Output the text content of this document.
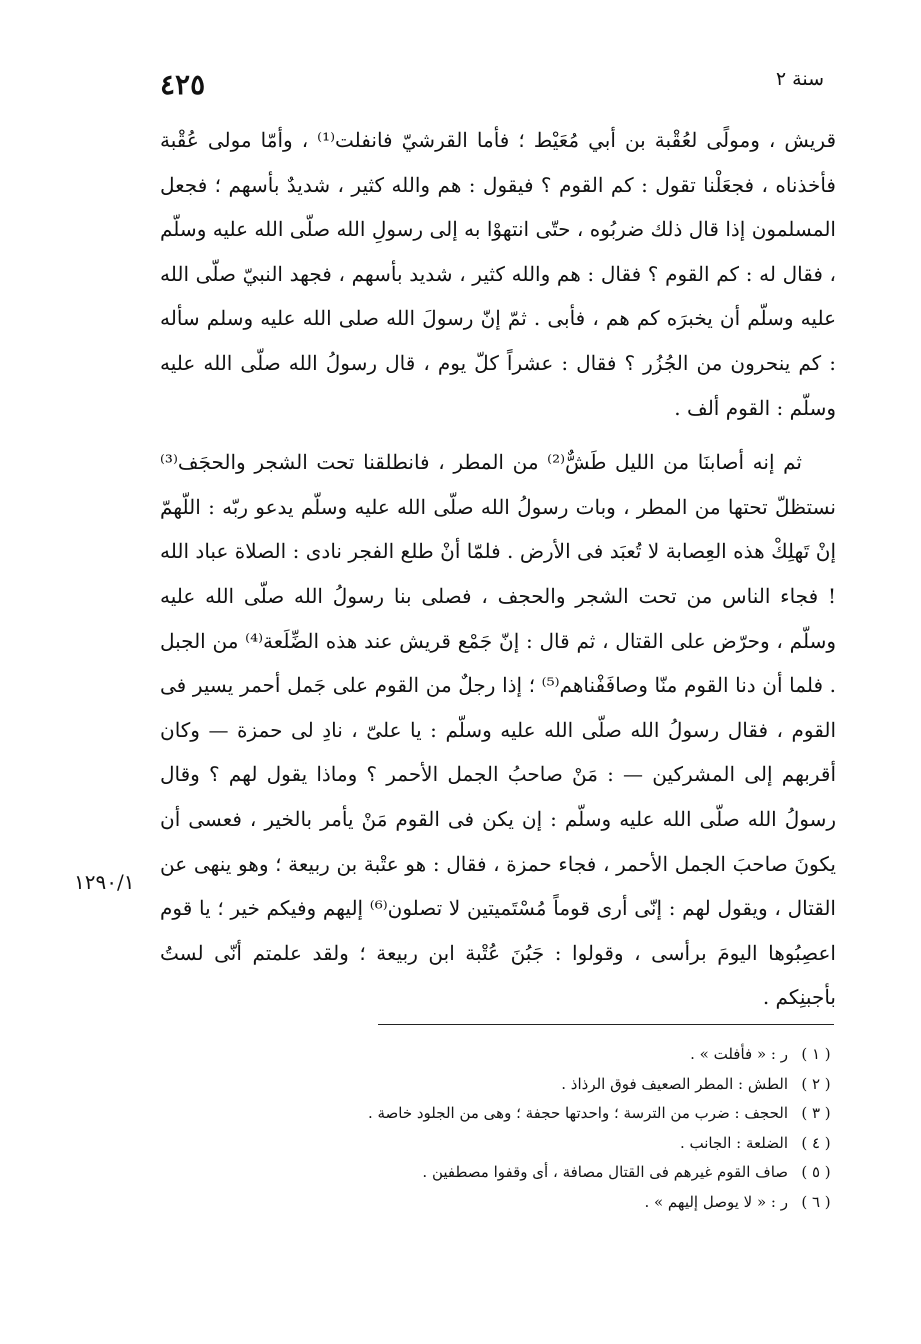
سنة ٢
٤٢٥

قريش ، ومولًى لعُقْبة بن أبي مُعَيْط ؛ فأما القرشيّ فانفلت⁽¹⁾ ، وأمّا مولى عُقْبة فأخذناه ، فجعَلْنا تقول : كم القوم ؟ فيقول : هم والله كثير ، شديدٌ بأسهم ؛ فجعل المسلمون إذا قال ذلك ضربُوه ، حتّى انتهوْا به إلى رسولِ الله صلّى الله عليه وسلّم ، فقال له : كم القوم ؟ فقال : هم والله كثير ، شديد بأسهم ، فجهد النبيّ صلّى الله عليه وسلّم أن يخبرَه كم هم ، فأبى . ثمّ إنّ رسولَ الله صلى الله عليه وسلم سأله : كم ينحرون من الجُزُر ؟ فقال : عشراً كلّ يوم ، قال رسولُ الله صلّى الله عليه وسلّم : القوم ألف .

ثم إنه أصابنَا من الليل طَشٌّ⁽²⁾ من المطر ، فانطلقنا تحت الشجر والحجَف⁽³⁾ نستظلّ تحتها من المطر ، وبات رسولُ الله صلّى الله عليه وسلّم يدعو ربّه : اللّهمّ إنْ تَهلِكْ هذه العِصابة لا تُعبَد فى الأرض . فلمّا أنْ طلع الفجر نادى : الصلاة عباد الله ! فجاء الناس من تحت الشجر والحجف ، فصلى بنا رسولُ الله صلّى الله عليه وسلّم ، وحرّض على القتال ، ثم قال : إنّ جَمْع قريش عند هذه الضِّلَعة⁽⁴⁾ من الجبل . فلما أن دنا القوم منّا وصافَفْناهم⁽⁵⁾ ؛ إذا رجلٌ من القوم على جَمل أحمر يسير فى القوم ، فقال رسولُ الله صلّى الله عليه وسلّم : يا علىّ ، نادِ لى حمزة — وكان أقربهم إلى المشركين — : مَنْ صاحبُ الجمل الأحمر ؟ وماذا يقول لهم ؟ وقال رسولُ الله صلّى الله عليه وسلّم : إن يكن فى القوم مَنْ يأمر بالخير ، فعسى أن يكونَ صاحبَ الجمل الأحمر ، فجاء حمزة ، فقال : هو عتْبة بن ربيعة ؛ وهو ينهى عن القتال ، ويقول لهم : إنّى أرى قوماً مُسْتَميتين لا تصلون⁽⁶⁾ إليهم وفيكم خير ؛ يا قوم اعصِبُوها اليومَ برأسى ، وقولوا : جَبُنَ عُتْبة ابن ربيعة ؛ ولقد علمتم أنّى لستُ بأجبنِكم .

١٢٩٠/١
( ١ )ر : « فأفلت » .
( ٢ )الطش : المطر الصعيف فوق الرذاذ .
( ٣ )الحجف : ضرب من الترسة ؛ واحدتها حجفة ؛ وهى من الجلود خاصة .
( ٤ )الضلعة : الجانب .
( ٥ )صاف القوم غيرهم فى القتال مصافة ، أى وقفوا مصطفين .
( ٦ )ر : « لا يوصل إليهم » .
